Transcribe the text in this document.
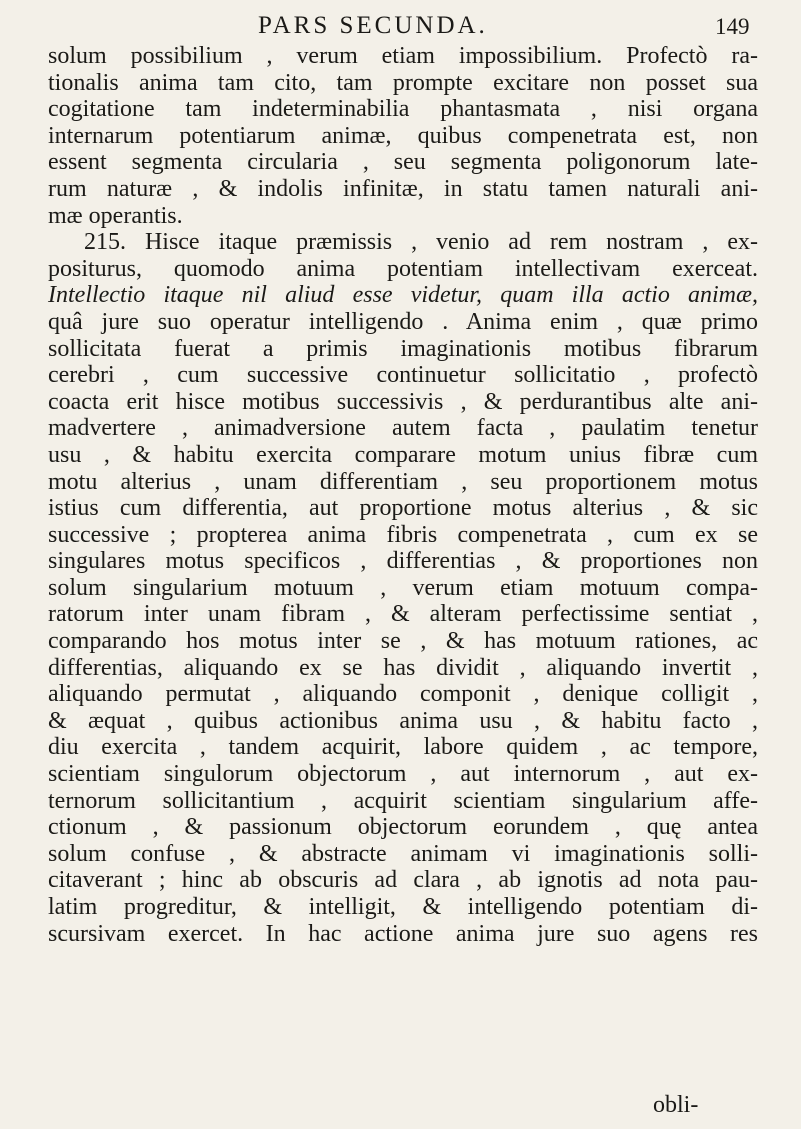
PARS SECUNDA.	149
solum possibilium , verum etiam impossibilium. Profectò ra-
tionalis anima tam cito, tam prompte excitare non posset sua
cogitatione tam indeterminabilia phantasmata , nisi organa
internarum potentiarum animæ, quibus compenetrata est, non
essent segmenta circularia , seu segmenta poligonorum late-
rum naturæ , & indolis infinitæ, in statu tamen naturali ani-
mæ operantis.
215. Hisce itaque præmissis , venio ad rem nostram , ex-
positurus, quomodo anima potentiam intellectivam exerceat.
Intellectio itaque nil aliud esse videtur, quam illa actio animæ,
quâ jure suo operatur intelligendo . Anima enim , quæ primo
sollicitata fuerat a primis imaginationis motibus fibrarum
cerebri , cum successive continuetur sollicitatio , profectò
coacta erit hisce motibus successivis , & perdurantibus alte ani-
madvertere , animadversione autem facta , paulatim tenetur
usu , & habitu exercita comparare motum unius fibræ cum
motu alterius , unam differentiam , seu proportionem motus
istius cum differentia, aut proportione motus alterius , & sic
successive ; propterea anima fibris compenetrata , cum ex se
singulares motus specificos , differentias , & proportiones non
solum singularium motuum , verum etiam motuum compa-
ratorum inter unam fibram , & alteram perfectissime sentiat ,
comparando hos motus inter se , & has motuum rationes, ac
differentias, aliquando ex se has dividit , aliquando invertit ,
aliquando permutat , aliquando componit , denique colligit ,
& æquat , quibus actionibus anima usu , & habitu facto ,
diu exercita , tandem acquirit, labore quidem , ac tempore,
scientiam singulorum objectorum , aut internorum , aut ex-
ternorum sollicitantium , acquirit scientiam singularium affe-
ctionum , & passionum objectorum eorundem , quę antea
solum confuse , & abstracte animam vi imaginationis solli-
citaverant ; hinc ab obscuris ad clara , ab ignotis ad nota pau-
latim progreditur, & intelligit, & intelligendo potentiam di-
scursivam exercet. In hac actione anima jure suo agens res
obli-
